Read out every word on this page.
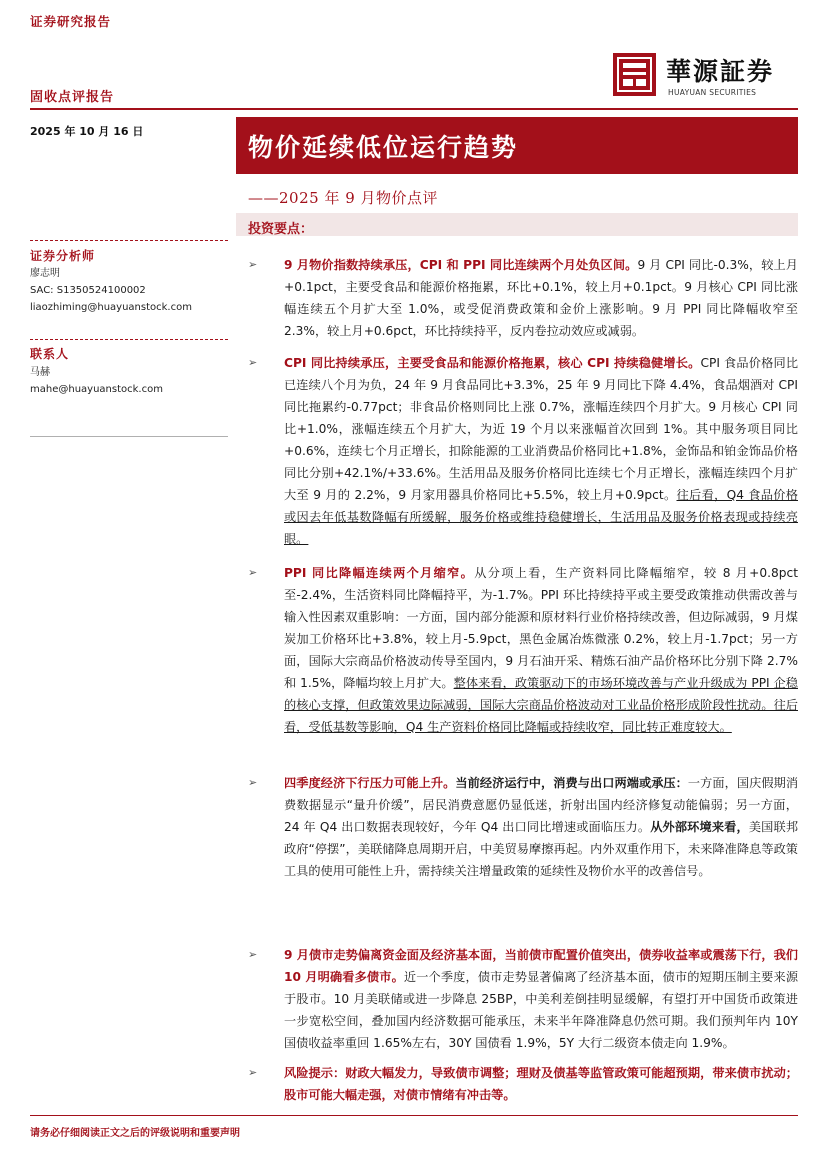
证券研究报告
固收点评报告
華源証券
HUAYUAN SECURITIES
2025 年 10 月 16 日
物价延续低位运行趋势
——2025 年 9 月物价点评
投资要点：
证券分析师
廖志明
SAC: S1350524100002
liaozhiming@huayuanstock.com
联系人
马赫
mahe@huayuanstock.com
➢ 9 月物价指数持续承压，CPI 和 PPI 同比连续两个月处负区间。9 月 CPI 同比-0.3%，较上月+0.1pct，主要受食品和能源价格拖累，环比+0.1%，较上月+0.1pct。9 月核心 CPI 同比涨幅连续五个月扩大至 1.0%，或受促消费政策和金价上涨影响。9 月 PPI 同比降幅收窄至 2.3%，较上月+0.6pct，环比持续持平，反内卷拉动效应或减弱。
➢ CPI 同比持续承压，主要受食品和能源价格拖累，核心 CPI 持续稳健增长。CPI 食品价格同比已连续八个月为负，24 年 9 月食品同比+3.3%，25 年 9 月同比下降 4.4%，食品烟酒对 CPI 同比拖累约-0.77pct；非食品价格则同比上涨 0.7%，涨幅连续四个月扩大。9 月核心 CPI 同比+1.0%，涨幅连续五个月扩大，为近 19 个月以来涨幅首次回到 1%。其中服务项目同比+0.6%，连续七个月正增长，扣除能源的工业消费品价格同比+1.8%，金饰品和铂金饰品价格同比分别+42.1%/+33.6%。生活用品及服务价格同比连续七个月正增长，涨幅连续四个月扩大至 9 月的 2.2%，9 月家用器具价格同比+5.5%，较上月+0.9pct。往后看，Q4 食品价格或因去年低基数降幅有所缓解，服务价格或维持稳健增长，生活用品及服务价格表现或持续亮眼。
➢ PPI 同比降幅连续两个月缩窄。从分项上看，生产资料同比降幅缩窄，较 8 月+0.8pct 至-2.4%，生活资料同比降幅持平，为-1.7%。PPI 环比持续持平或主要受政策推动供需改善与输入性因素双重影响：一方面，国内部分能源和原材料行业价格持续改善，但边际减弱，9 月煤炭加工价格环比+3.8%，较上月-5.9pct，黑色金属冶炼微涨 0.2%，较上月-1.7pct；另一方面，国际大宗商品价格波动传导至国内，9 月石油开采、精炼石油产品价格环比分别下降 2.7%和 1.5%，降幅均较上月扩大。整体来看，政策驱动下的市场环境改善与产业升级成为 PPI 企稳的核心支撑，但政策效果边际减弱，国际大宗商品价格波动对工业品价格形成阶段性扰动。往后看，受低基数等影响，Q4 生产资料价格同比降幅或持续收窄，同比转正难度较大。
➢ 四季度经济下行压力可能上升。当前经济运行中，消费与出口两端或承压：一方面，国庆假期消费数据显示“量升价缓”，居民消费意愿仍显低迷，折射出国内经济修复动能偏弱；另一方面，24 年 Q4 出口数据表现较好，今年 Q4 出口同比增速或面临压力。从外部环境来看，美国联邦政府“停摆”，美联储降息周期开启，中美贸易摩擦再起。内外双重作用下，未来降准降息等政策工具的使用可能性上升，需持续关注增量政策的延续性及物价水平的改善信号。
➢ 9 月债市走势偏离资金面及经济基本面，当前债市配置价值突出，债券收益率或震荡下行，我们 10 月明确看多债市。近一个季度，债市走势显著偏离了经济基本面，债市的短期压制主要来源于股市。10 月美联储或进一步降息 25BP，中美利差倒挂明显缓解，有望打开中国货币政策进一步宽松空间，叠加国内经济数据可能承压，未来半年降准降息仍然可期。我们预判年内 10Y 国债收益率重回 1.65%左右，30Y 国债看 1.9%，5Y 大行二级资本债走向 1.9%。
➢ 风险提示：财政大幅发力，导致债市调整；理财及债基等监管政策可能超预期，带来债市扰动；股市可能大幅走强，对债市情绪有冲击等。
请务必仔细阅读正文之后的评级说明和重要声明
